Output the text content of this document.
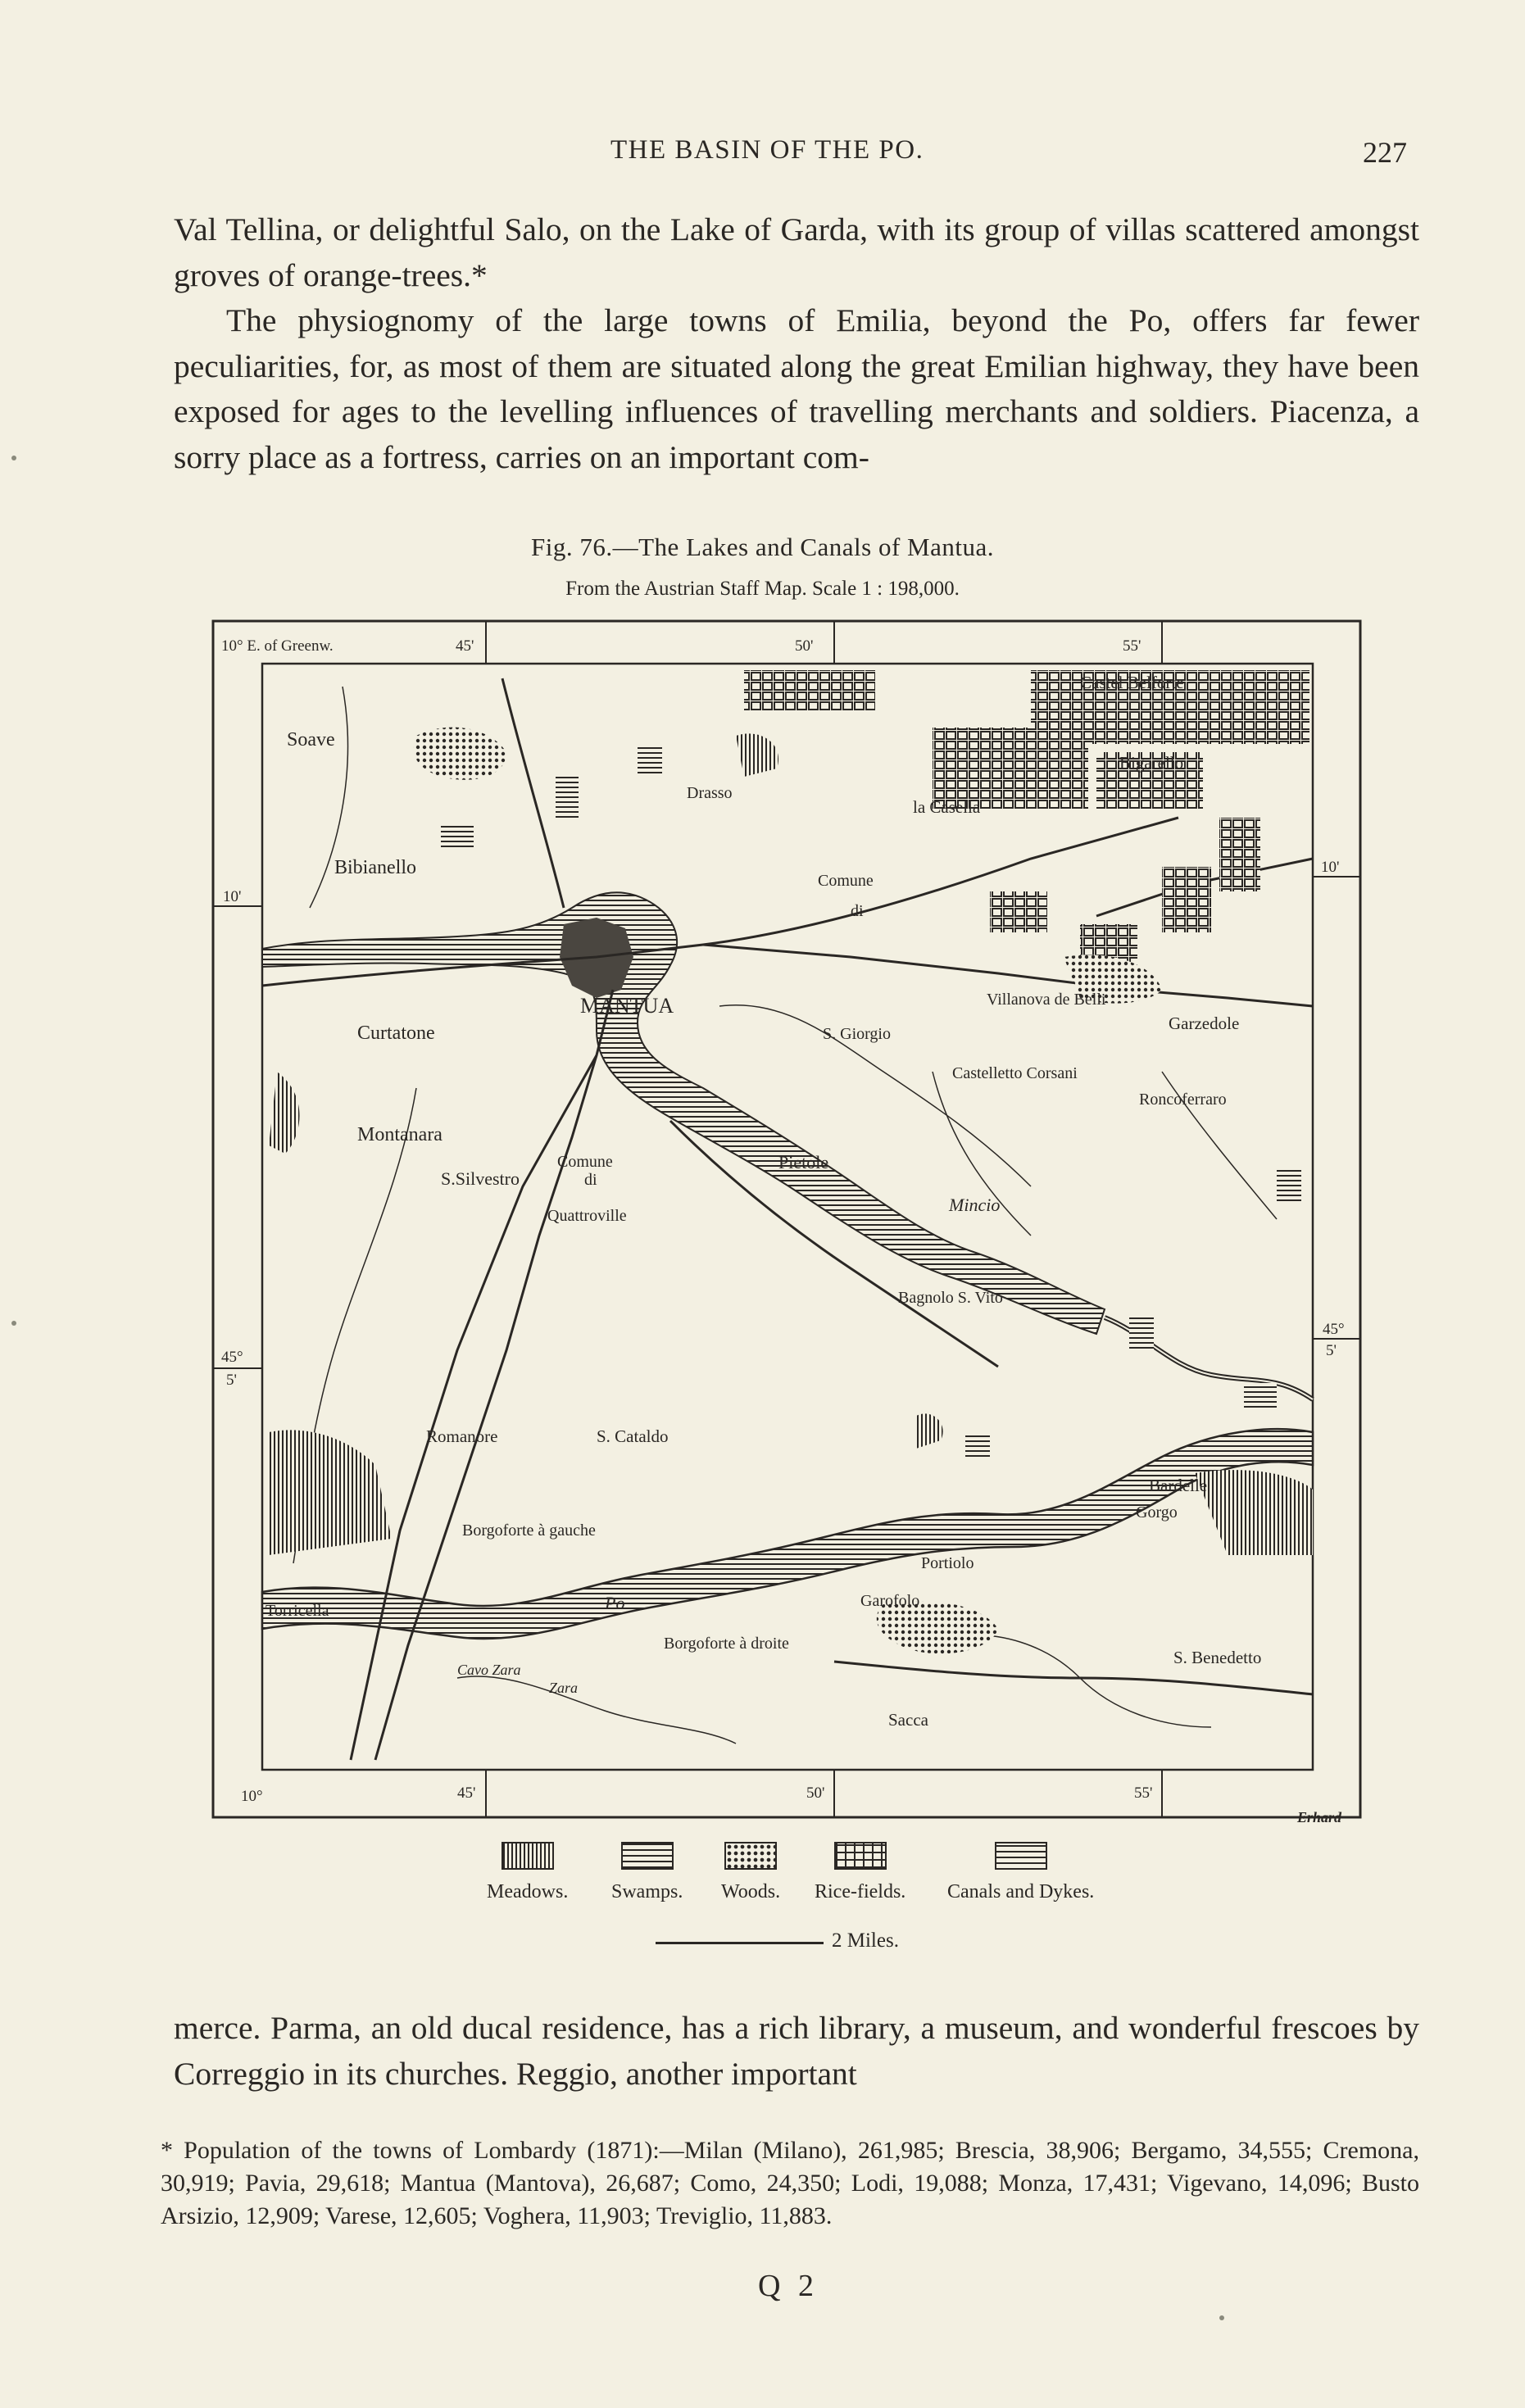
THE BASIN OF THE PO.	227

Val Tellina, or delightful Salo, on the Lake of Garda, with its group of villas scattered amongst groves of orange-trees.*

The physiognomy of the large towns of Emilia, beyond the Po, offers far fewer peculiarities, for, as most of them are situated along the great Emilian highway, they have been exposed for ages to the levelling influences of travelling merchants and soldiers. Piacenza, a sorry place as a fortress, carries on an important com-

Fig. 76.—The Lakes and Canals of Mantua.
From the Austrian Staff Map. Scale 1 : 198,000.
10° E. of Greenw.	45'	50'	55'
10'
10'
45°
5'
45°
5'
10°	45'	50'	55'
Soave
Bibianello
Curtatone
MANTUA
Montanara
S.Silvestro
Quattroville
Comune
di
Pietole
Comune
di
S. Giorgio
Castel Belforte
Bigarello
la Casella
Drasso
Villanova de Belli
Garzedole
Castelletto Corsani
Roncoferraro
Mincio
Bagnolo S. Vito
Romanore	S. Cataldo
Bardelle
Gorgo
Borgoforte à gauche
Torricella	Po
Portiolo
Garofolo
Borgoforte à droite
S. Benedetto
Cavo Zara
Zara
Sacca
Erhard
Meadows. Swamps. Woods. Rice-fields. Canals and Dykes.
2 Miles.

merce. Parma, an old ducal residence, has a rich library, a museum, and wonderful frescoes by Correggio in its churches. Reggio, another important

* Population of the towns of Lombardy (1871):—Milan (Milano), 261,985; Brescia, 38,906; Bergamo, 34,555; Cremona, 30,919; Pavia, 29,618; Mantua (Mantova), 26,687; Como, 24,350; Lodi, 19,088; Monza, 17,431; Vigevano, 14,096; Busto Arsizio, 12,909; Varese, 12,605; Voghera, 11,903; Treviglio, 11,883.

Q 2
